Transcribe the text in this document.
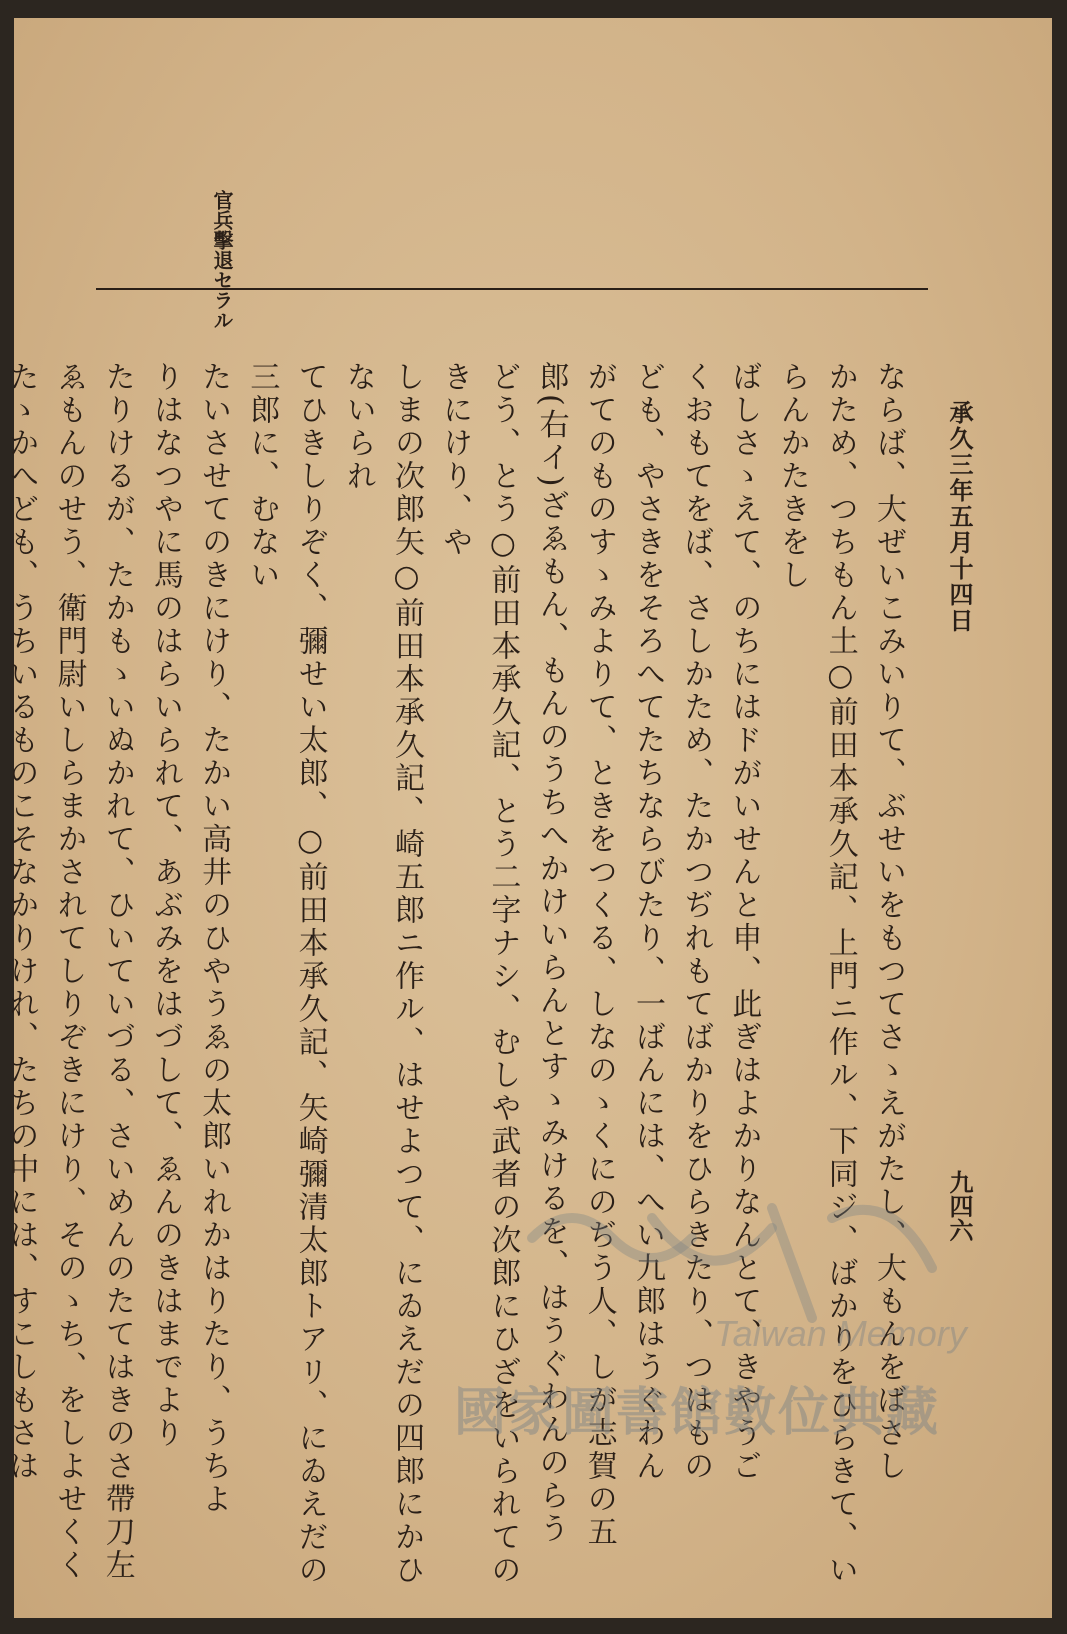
官兵擊退セラル
承久三年五月十四日
九四六
ならば、大ぜいこみいりて、ぶせいをもつてさゝえがたし、大もんをばさし
かため、つちもん土○前田本承久記、上門ニ作ル、下同ジ、ばかりをひらきて、いらんかたきをし
ばしさゝえて、のちにはドがいせんと申、此ぎはよかりなんとて、きやうご
くおもてをば、さしかため、たかつぢれもてばかりをひらきたり、つはもの
ども、やさきをそろへてたちならびたり、一ばんには、へい九郎はうぐわん
がてのものすゝみよりて、ときをつくる、しなのゝくにのぢう人、しが志賀の五
郎(右イ)ざゑもん、もんのうちへかけいらんとすゝみけるを、はうぐわんのらう
どう、とう○前田本承久記、とう二字ナシ、むしや武者の次郎にひざをいられてのきにけり、や
しまの次郎矢○前田本承久記、崎五郎ニ作ル、はせよつて、にゐえだの四郎にかひないられ
てひきしりぞく、彌せい太郎、○前田本承久記、矢崎彌清太郎トアリ、にゐえだの三郎に、むない
たいさせてのきにけり、たかい高井のひやうゑの太郎いれかはりたり、うちよ
りはなつやに馬のはらいられて、あぶみをはづして、ゑんのきはまでより
たりけるが、たかもゝいぬかれて、ひいていづる、さいめんのたてはきのさ帶刀左
ゑもんのせう、衛門尉いしらまかされてしりぞきにけり、そのゝち、をしよせくく
たゝかへども、うちいるものこそなかりけれ、たちの中には、すこしもさは	Taiwan Memory
國家圖書館數位典藏
